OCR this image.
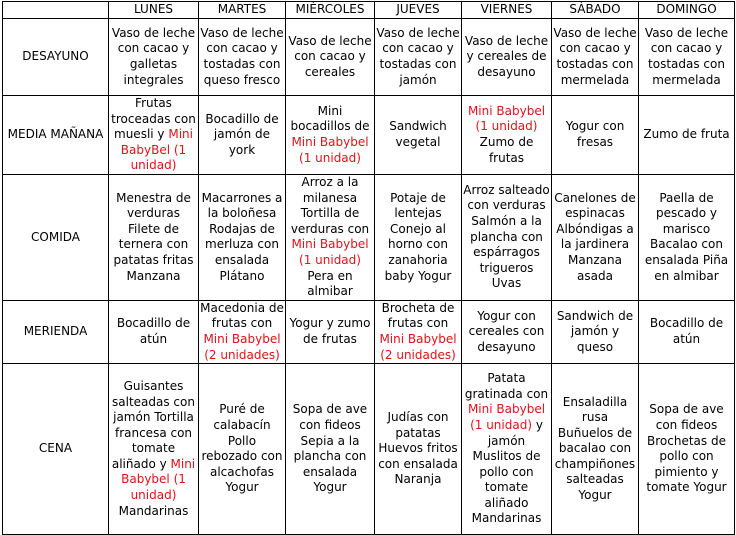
	LUNES	MARTES	MIÉRCOLES	JUEVES	VIERNES	SÁBADO	DOMINGO
DESAYUNO	Vaso de leche con cacao y galletas integrales	Vaso de leche con cacao y tostadas con queso fresco	Vaso de leche con cacao y cereales	Vaso de leche con cacao y tostadas con jamón	Vaso de leche y cereales de desayuno	Vaso de leche con cacao y tostadas con mermelada	Vaso de leche con cacao y tostadas con mermelada
MEDIA MAÑANA	Frutas troceadas con muesli y Mini BabyBel (1 unidad)	Bocadillo de jamón de york	Mini bocadillos de Mini Babybel (1 unidad)	Sandwich vegetal	Mini Babybel (1 unidad) Zumo de frutas	Yogur con fresas	Zumo de fruta
COMIDA	Menestra de verduras Filete de ternera con patatas fritas Manzana	Macarrones a la boloñesa Rodajas de merluza con ensalada Plátano	Arroz a la milanesa Tortilla de verduras con Mini Babybel (1 unidad) Pera en almibar	Potaje de lentejas Conejo al horno con zanahoria baby Yogur	Arroz salteado con verduras Salmón a la plancha con espárragos trigueros Uvas	Canelones de espinacas Albóndigas a la jardinera Manzana asada	Paella de pescado y marisco Bacalao con ensalada Piña en almibar
MERIENDA	Bocadillo de atún	Macedonia de frutas con Mini Babybel (2 unidades)	Yogur y zumo de frutas	Brocheta de frutas con Mini Babybel (2 unidades)	Yogur con cereales con desayuno	Sandwich de jamón y queso	Bocadillo de atún
CENA	Guisantes salteadas con jamón Tortilla francesa con tomate aliñado y Mini Babybel (1 unidad) Mandarinas	Puré de calabacín Pollo rebozado con alcachofas Yogur	Sopa de ave con fideos Sepia a la plancha con ensalada Yogur	Judías con patatas Huevos fritos con ensalada Naranja	Patata gratinada con Mini Babybel (1 unidad) y jamón Muslitos de pollo con tomate aliñado Mandarinas	Ensaladilla rusa Buñuelos de bacalao con champiñones salteadas Yogur	Sopa de ave con fideos Brochetas de pollo con pimiento y tomate Yogur
